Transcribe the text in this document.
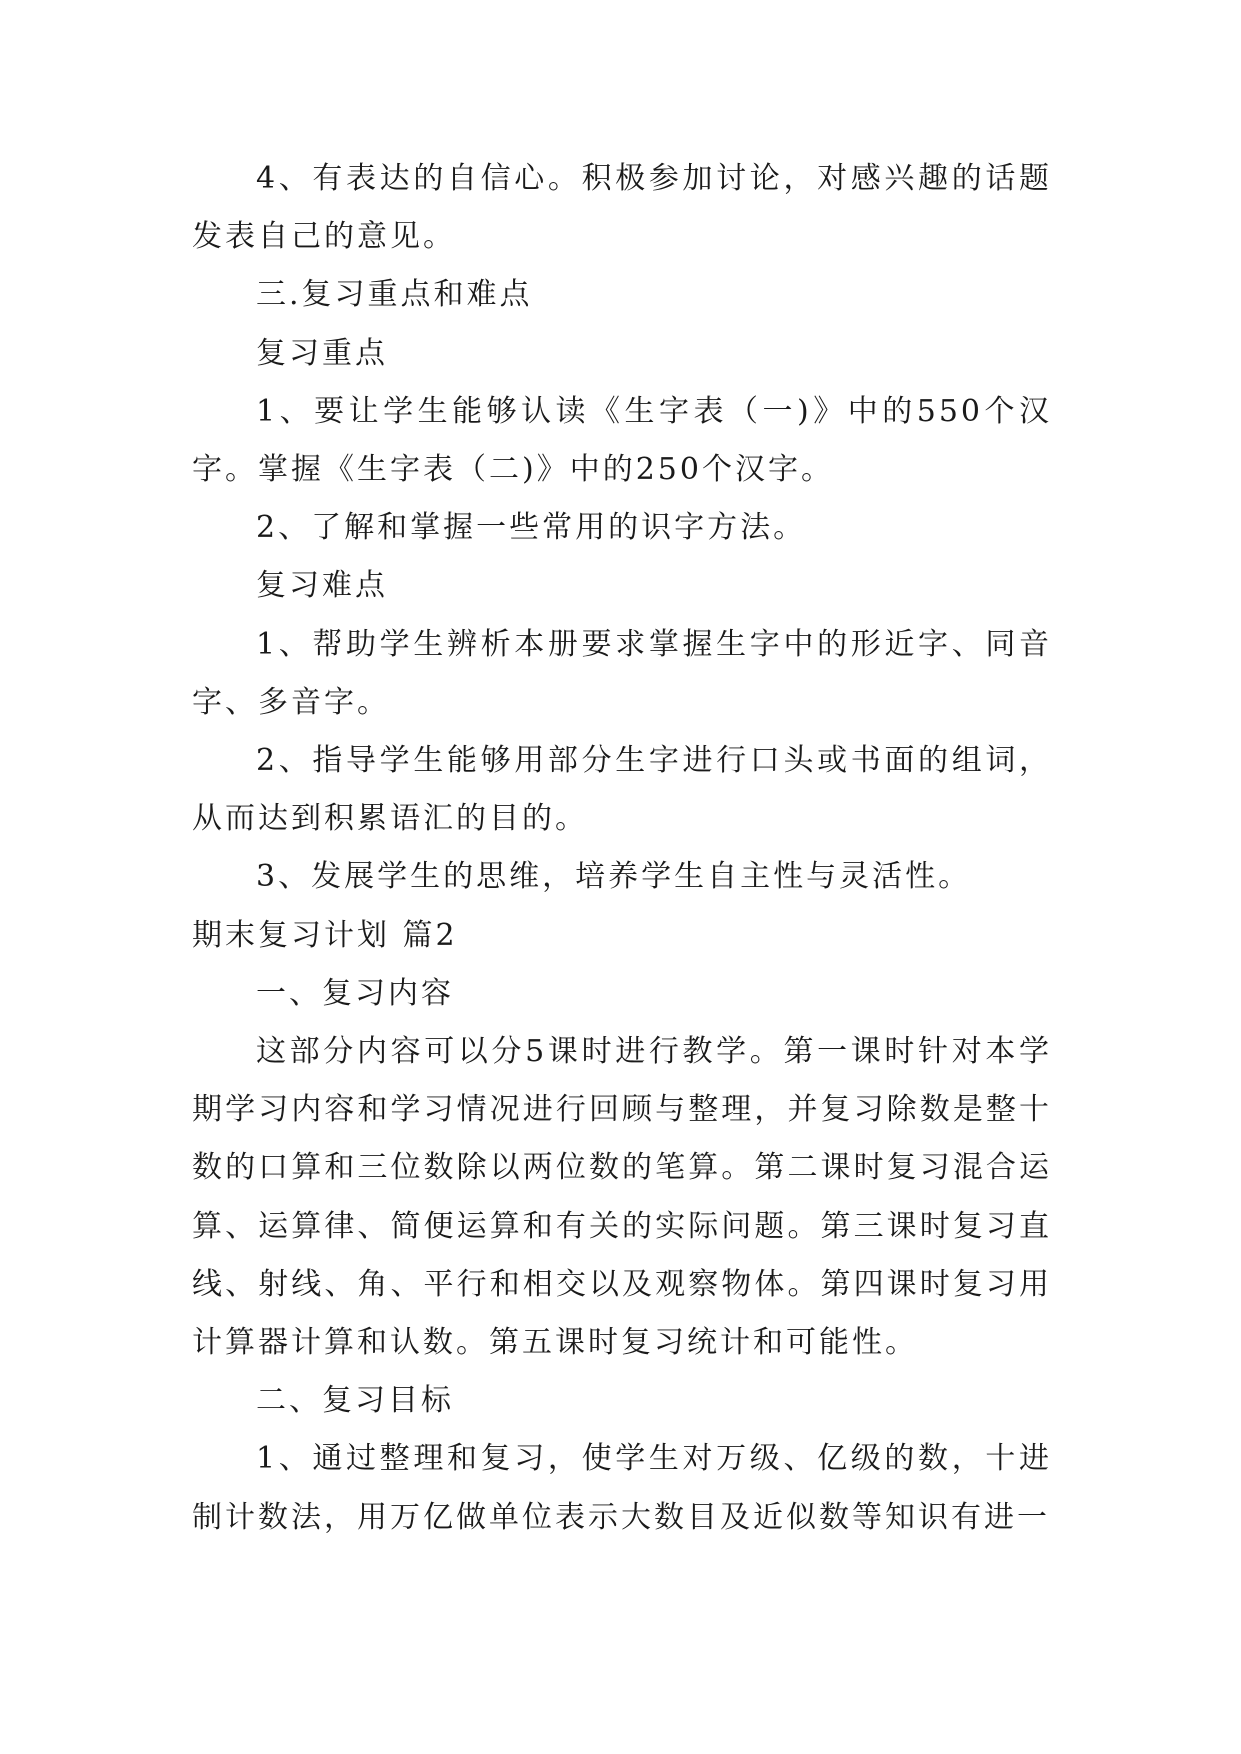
4、有表达的自信心。积极参加讨论，对感兴趣的话题发表自己的意见。

三.复习重点和难点

复习重点

1、要让学生能够认读《生字表（一)》中的550个汉字。掌握《生字表（二)》中的250个汉字。

2、了解和掌握一些常用的识字方法。

复习难点

1、帮助学生辨析本册要求掌握生字中的形近字、同音字、多音字。

2、指导学生能够用部分生字进行口头或书面的组词，从而达到积累语汇的目的。

3、发展学生的思维，培养学生自主性与灵活性。

期末复习计划 篇2

一、复习内容

这部分内容可以分5课时进行教学。第一课时针对本学期学习内容和学习情况进行回顾与整理，并复习除数是整十数的口算和三位数除以两位数的笔算。第二课时复习混合运算、运算律、简便运算和有关的实际问题。第三课时复习直线、射线、角、平行和相交以及观察物体。第四课时复习用计算器计算和认数。第五课时复习统计和可能性。

二、复习目标

1、通过整理和复习，使学生对万级、亿级的数，十进制计数法，用万亿做单位表示大数目及近似数等知识有进一
